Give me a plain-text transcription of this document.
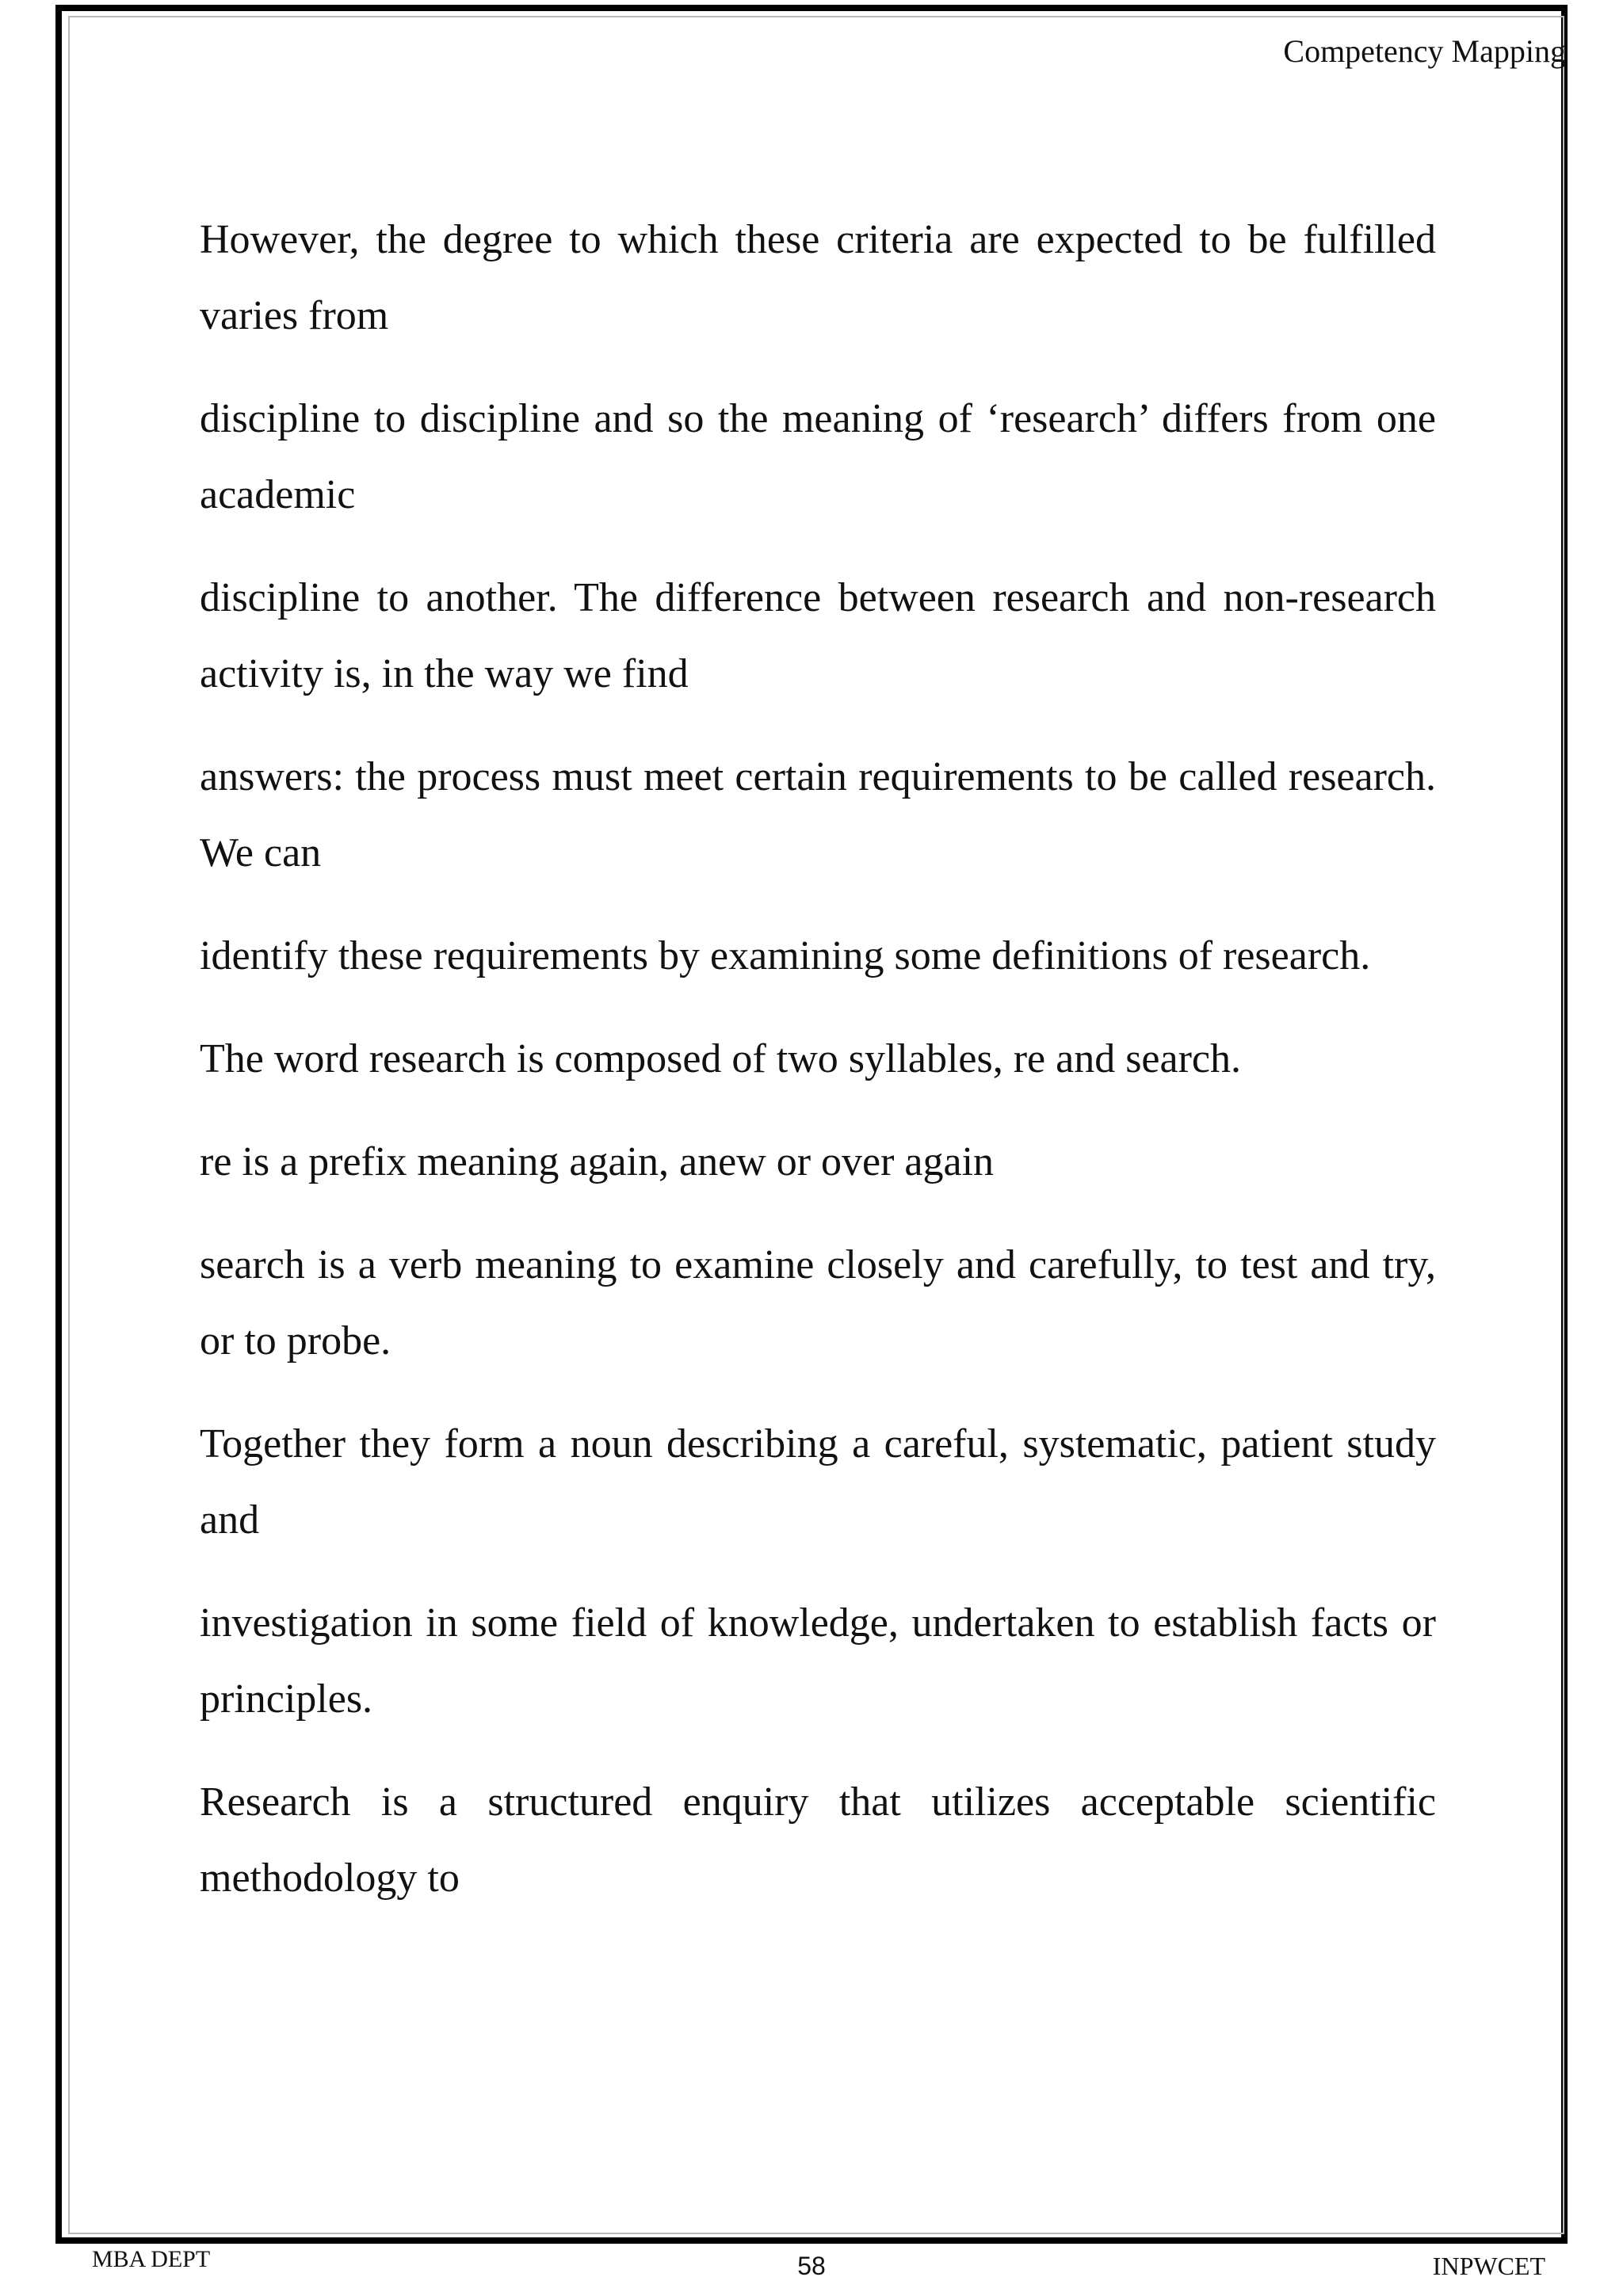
Competency Mapping

However, the degree to which these criteria are expected to be fulfilled varies from

discipline to discipline and so the meaning of ‘research’ differs from one academic

discipline to another. The difference between research and non-research activity is, in the way we find

answers: the process must meet certain requirements to be called research. We can

identify these requirements by examining some definitions of research.

The word research is composed of two syllables, re and search.

re is a prefix meaning again, anew or over again

search is a verb meaning to examine closely and carefully, to test and try, or to probe.

Together they form a noun describing a careful, systematic, patient study and

investigation in some field of knowledge, undertaken to establish facts or principles.

Research is a structured enquiry that utilizes acceptable scientific methodology to

MBA DEPT	58	INPWCET
